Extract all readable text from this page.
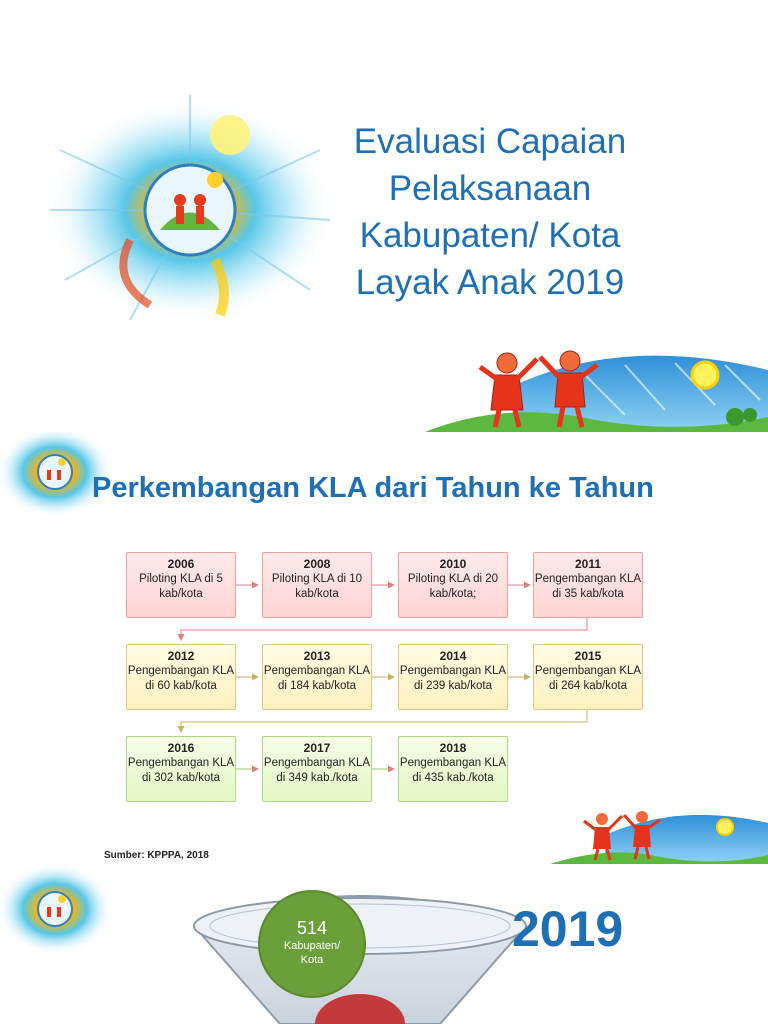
Evaluasi Capaian
Pelaksanaan
Kabupaten/ Kota
Layak Anak 2019
Perkembangan KLA dari Tahun ke Tahun
2006
Piloting KLA di 5 kab/kota
2008
Piloting KLA di 10 kab/kota
2010
Piloting KLA di 20 kab/kota;
2011
Pengembangan KLA di 35 kab/kota
2012
Pengembangan KLA di 60 kab/kota
2013
Pengembangan KLA di 184 kab/kota
2014
Pengembangan KLA di 239 kab/kota
2015
Pengembangan KLA di 264 kab/kota
2016
Pengembangan KLA di 302 kab/kota
2017
Pengembangan KLA di 349 kab./kota
2018
Pengembangan KLA di 435 kab./kota
Sumber: KPPPA, 2018
514
Kabupaten/
Kota
2019
